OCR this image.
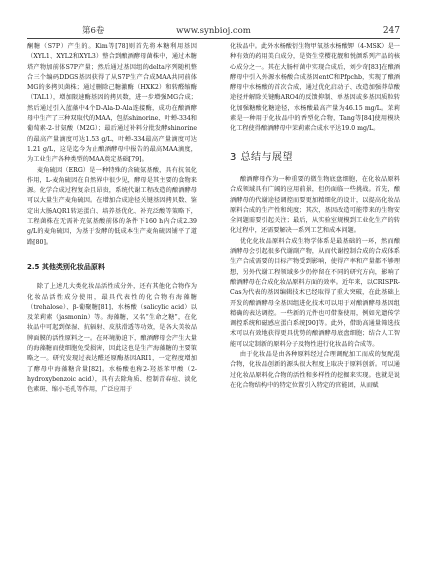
第6卷	www.synbioj.com	247

酮糖（S7P）产生的。Kim等[78]则首先将本糖利用基因（XYL1、XYL2和XYL3）整合到酿酒酵母菌株中，通过木糖塔产物加前体S7P产量；然后通过基因组的delta序列随机整合三个编码DDGS基因获得了从S7P生产合成MAA共同前体MG的多拷贝菌株；通过删除己糖激酶（HXK2）和转醛缩酶（TAL1），增加限速酶基因的拷贝数，进一步增强MG合成；然后通过引入蓝藻中4个D-Ala-D-Ala连接酶，成功在酿酒酵母中生产了三种双取代的MAA，包括shinorine、叶蝉-334和葡萄素-2-甘氨酸（M2G）；最后通过补料分批发酵shinorine的最高产量滴度可达1.53 g/L，叶蝉-334最高产量滴度可达1.21 g/L，这是迄今为止酿酒酵母中报告的最高MAA滴度，为工业生产各种类型的MAA奠定基础[79]。

麦角硫因（ERG）是一种特殊的含硫氨基酸，具有抗氧化作用，L-麦角硫因在自然界中很少见，酵母是其主要的食物来源。化学合成过程复杂且昂贵，系统代谢工程改造的酿酒酵母可以大量生产麦角硫因。在增加合成途径关键基因拷贝数、鉴定出大肠AQR1转运蛋白、培养基优化、补充泛酸等策略下，工程菌株在无需补充氨基酸前体的条件下160 h内合成2.39 g/L的麦角硫因，为基于发酵的低成本生产麦角硫因铺平了道路[80]。

2.5 其他类别化妆品原料

除了上述几大类化妆品活性成分外，还有其他化合物作为化妆品活性成分使用，最具代表性的化合物有海藻糖（trehalose）、β-葡聚糖[81]、水杨酸（salicylic acid）以及茉莉素（jasmonin）等。海藻糖，又名“生命之糖”，在化妆品中可起到保湿、抗辐射、皮肤滑透等功效，是各大美妆品牌面膜的活性原料之一。在环境胁迫下，酿酒酵母会产生大量的海藻糖而使细胞免受损害，因此这也是生产海藻糖的主要策略之一。研究发现过表达醛还原酶基因ARI1，一定程度增加了酵母中海藻糖含量[82]。水杨酸也称2-羟基苯甲酸（2-hydroxybenzoic acid），具有去除角质、控制青春痘、淡化色素斑、缩小毛孔等作用，广泛应用于

化妆品中。此外水杨酸衍生物甲氧基水杨酸钾（4-MSK）是一种有效的药用美白成分，是资生堂樱花靓和悦颜系列产品的核心成分之一。其在大肠杆菌中实现合成后，刘少奇[83]在酿酒酵母中引入外源水杨酸合成基因entC和Pfpchb，实现了酿酒酵母中水杨酸的首次合成，通过优化启动子、改造加强莽草酸途径并解除关键酶ARO4的反馈抑制、单基因或多基因质粒转化加强糖酸化糖途径，水杨酸最高产量为46.15 mg/L。茉莉素是一种用于化妆品中的香型化合物，Tang等[84]使用模块化工程使得酿酒酵母中茉莉素合成水平达19.0 mg/L。

3 总结与展望

酿酒酵母作为一种重要的微生物底盘细胞，在化妆品原料合成领域具有广阔的应用前景，但仍面临一些挑战。首先，酿酒酵母的代谢途径调控而要更加精细化的设计，以提高化妆品原料合成的生产性和纯度；其次，基因改造可能带来的生物安全问题需要引起关注；最后，从实验室规模到工业化生产的转化过程中，还需要解决一系列工艺和成本问题。

优化化妆品原料合成生物学体系是最基础的一环，然而酿酒酵母会引起很多代谢副产物，从而代谢控制合成的合成体系生产合成需要的目标产物受到影响，使得产率和产量都不够理想，另外代谢工程领域多少仍停留在不同的研究方向，影响了酿酒酵母在合成化妆品原料方面的效率。近年来，以CRISPR-Cas为代表的基因编辑技术已经取得了重大突破，在此基础上开发的酿酒酵母全基因组进化技术可以用于对酿酒酵母基因组精确的表达调控。一些新的元件也可借鉴使用，例如光遗传学调控系统和磁感应蛋白系统[90]等。此外，借助高通量筛选技术可以有效地获得更具优势的酿酒酵母底盘细胞；结合人工智能可以定制新的原料分子及物性进行化妆品的合成等。

由于化妆品是由各种原料经过合理调配加工而成的复配混合物，化妆品创新的源头很大程度上取决于原料创新。可以通过化妆品原料化合物的活性和多样性的挖掘来实现。也就是说在化合物结构中的特定位置引入特定的官能团，从而赋
